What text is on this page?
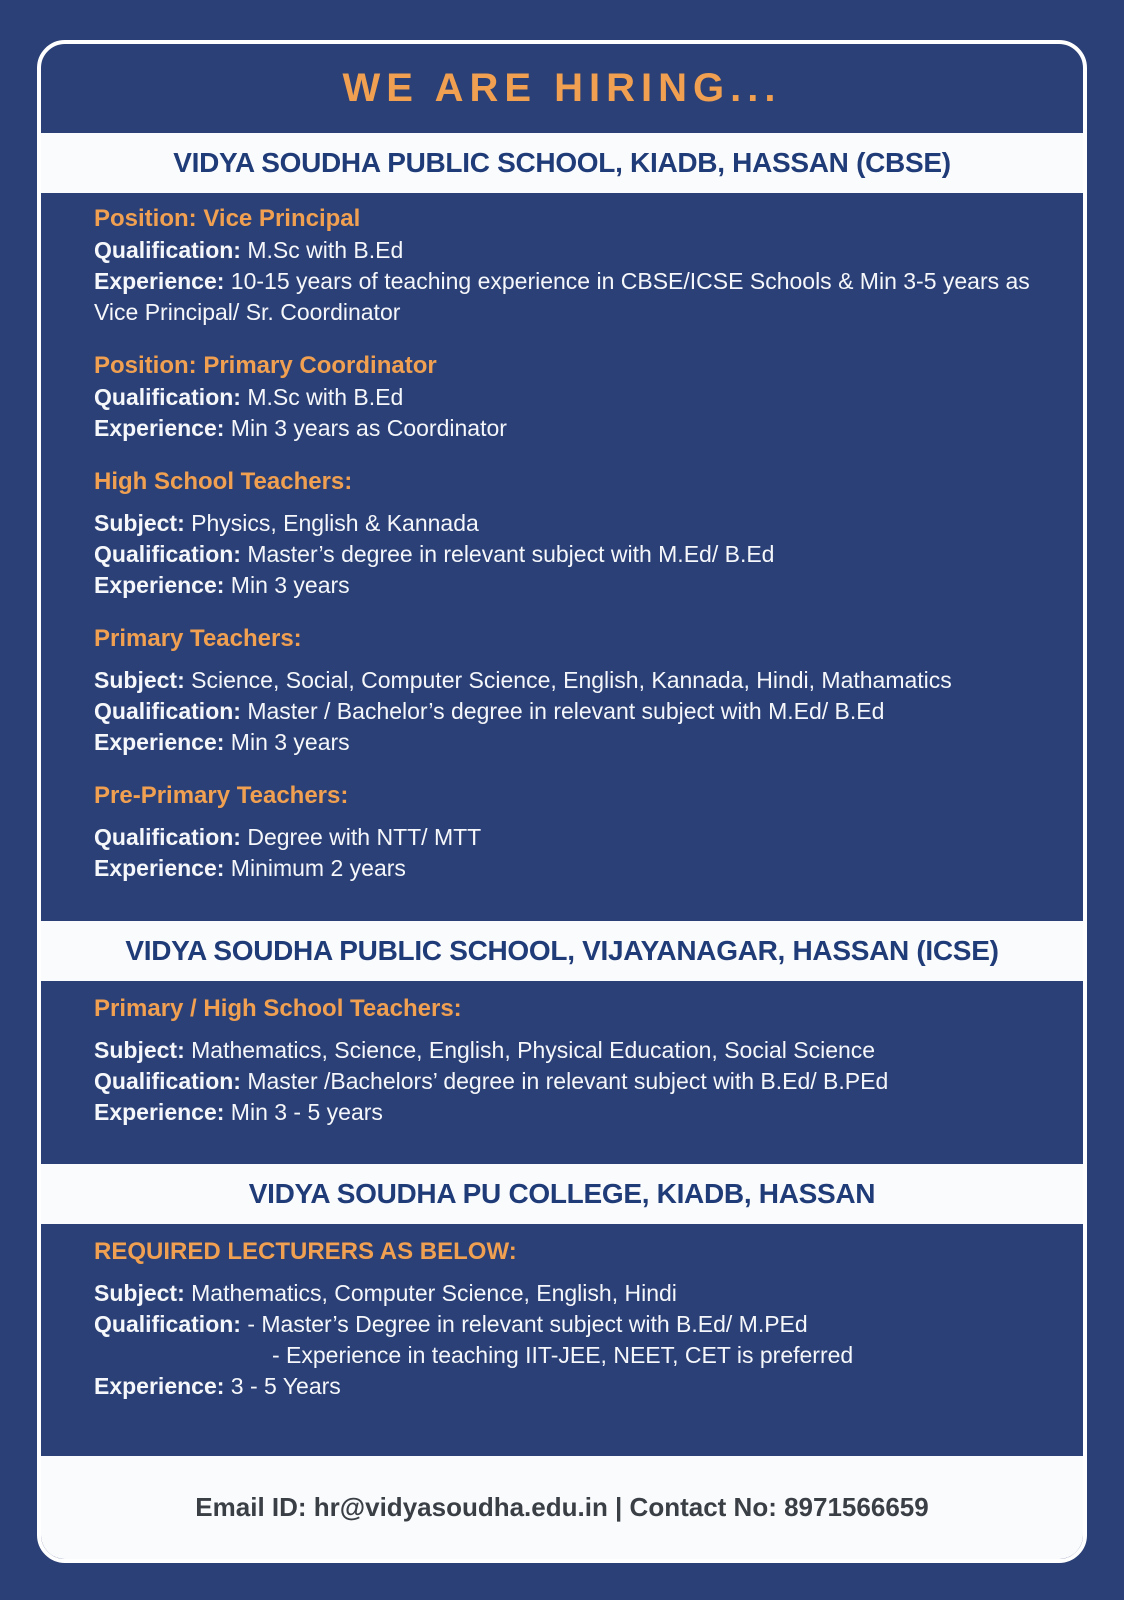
WE ARE HIRING...
VIDYA SOUDHA PUBLIC SCHOOL, KIADB, HASSAN (CBSE)
Position: Vice Principal
Qualification: M.Sc with B.Ed
Experience: 10-15 years of teaching experience in CBSE/ICSE Schools & Min 3-5 years as Vice Principal/ Sr. Coordinator
Position: Primary Coordinator
Qualification: M.Sc with B.Ed
Experience: Min 3 years as Coordinator
High School Teachers:
Subject: Physics, English & Kannada
Qualification: Master’s degree in relevant subject with M.Ed/ B.Ed
Experience: Min 3 years
Primary Teachers:
Subject: Science, Social, Computer Science, English, Kannada, Hindi, Mathamatics
Qualification: Master / Bachelor’s degree in relevant subject with M.Ed/ B.Ed
Experience: Min 3 years
Pre-Primary Teachers:
Qualification: Degree with NTT/ MTT
Experience: Minimum 2 years
VIDYA SOUDHA PUBLIC SCHOOL, VIJAYANAGAR, HASSAN (ICSE)
Primary / High School Teachers:
Subject: Mathematics, Science, English, Physical Education, Social Science
Qualification: Master /Bachelors’ degree in relevant subject with B.Ed/ B.PEd
Experience: Min 3 - 5 years
VIDYA SOUDHA PU COLLEGE, KIADB, HASSAN
REQUIRED LECTURERS AS BELOW:
Subject: Mathematics, Computer Science, English, Hindi
Qualification: - Master’s Degree in relevant subject with B.Ed/ M.PEd
- Experience in teaching IIT-JEE, NEET, CET is preferred
Experience: 3 - 5 Years
Email ID: hr@vidyasoudha.edu.in | Contact No: 8971566659
